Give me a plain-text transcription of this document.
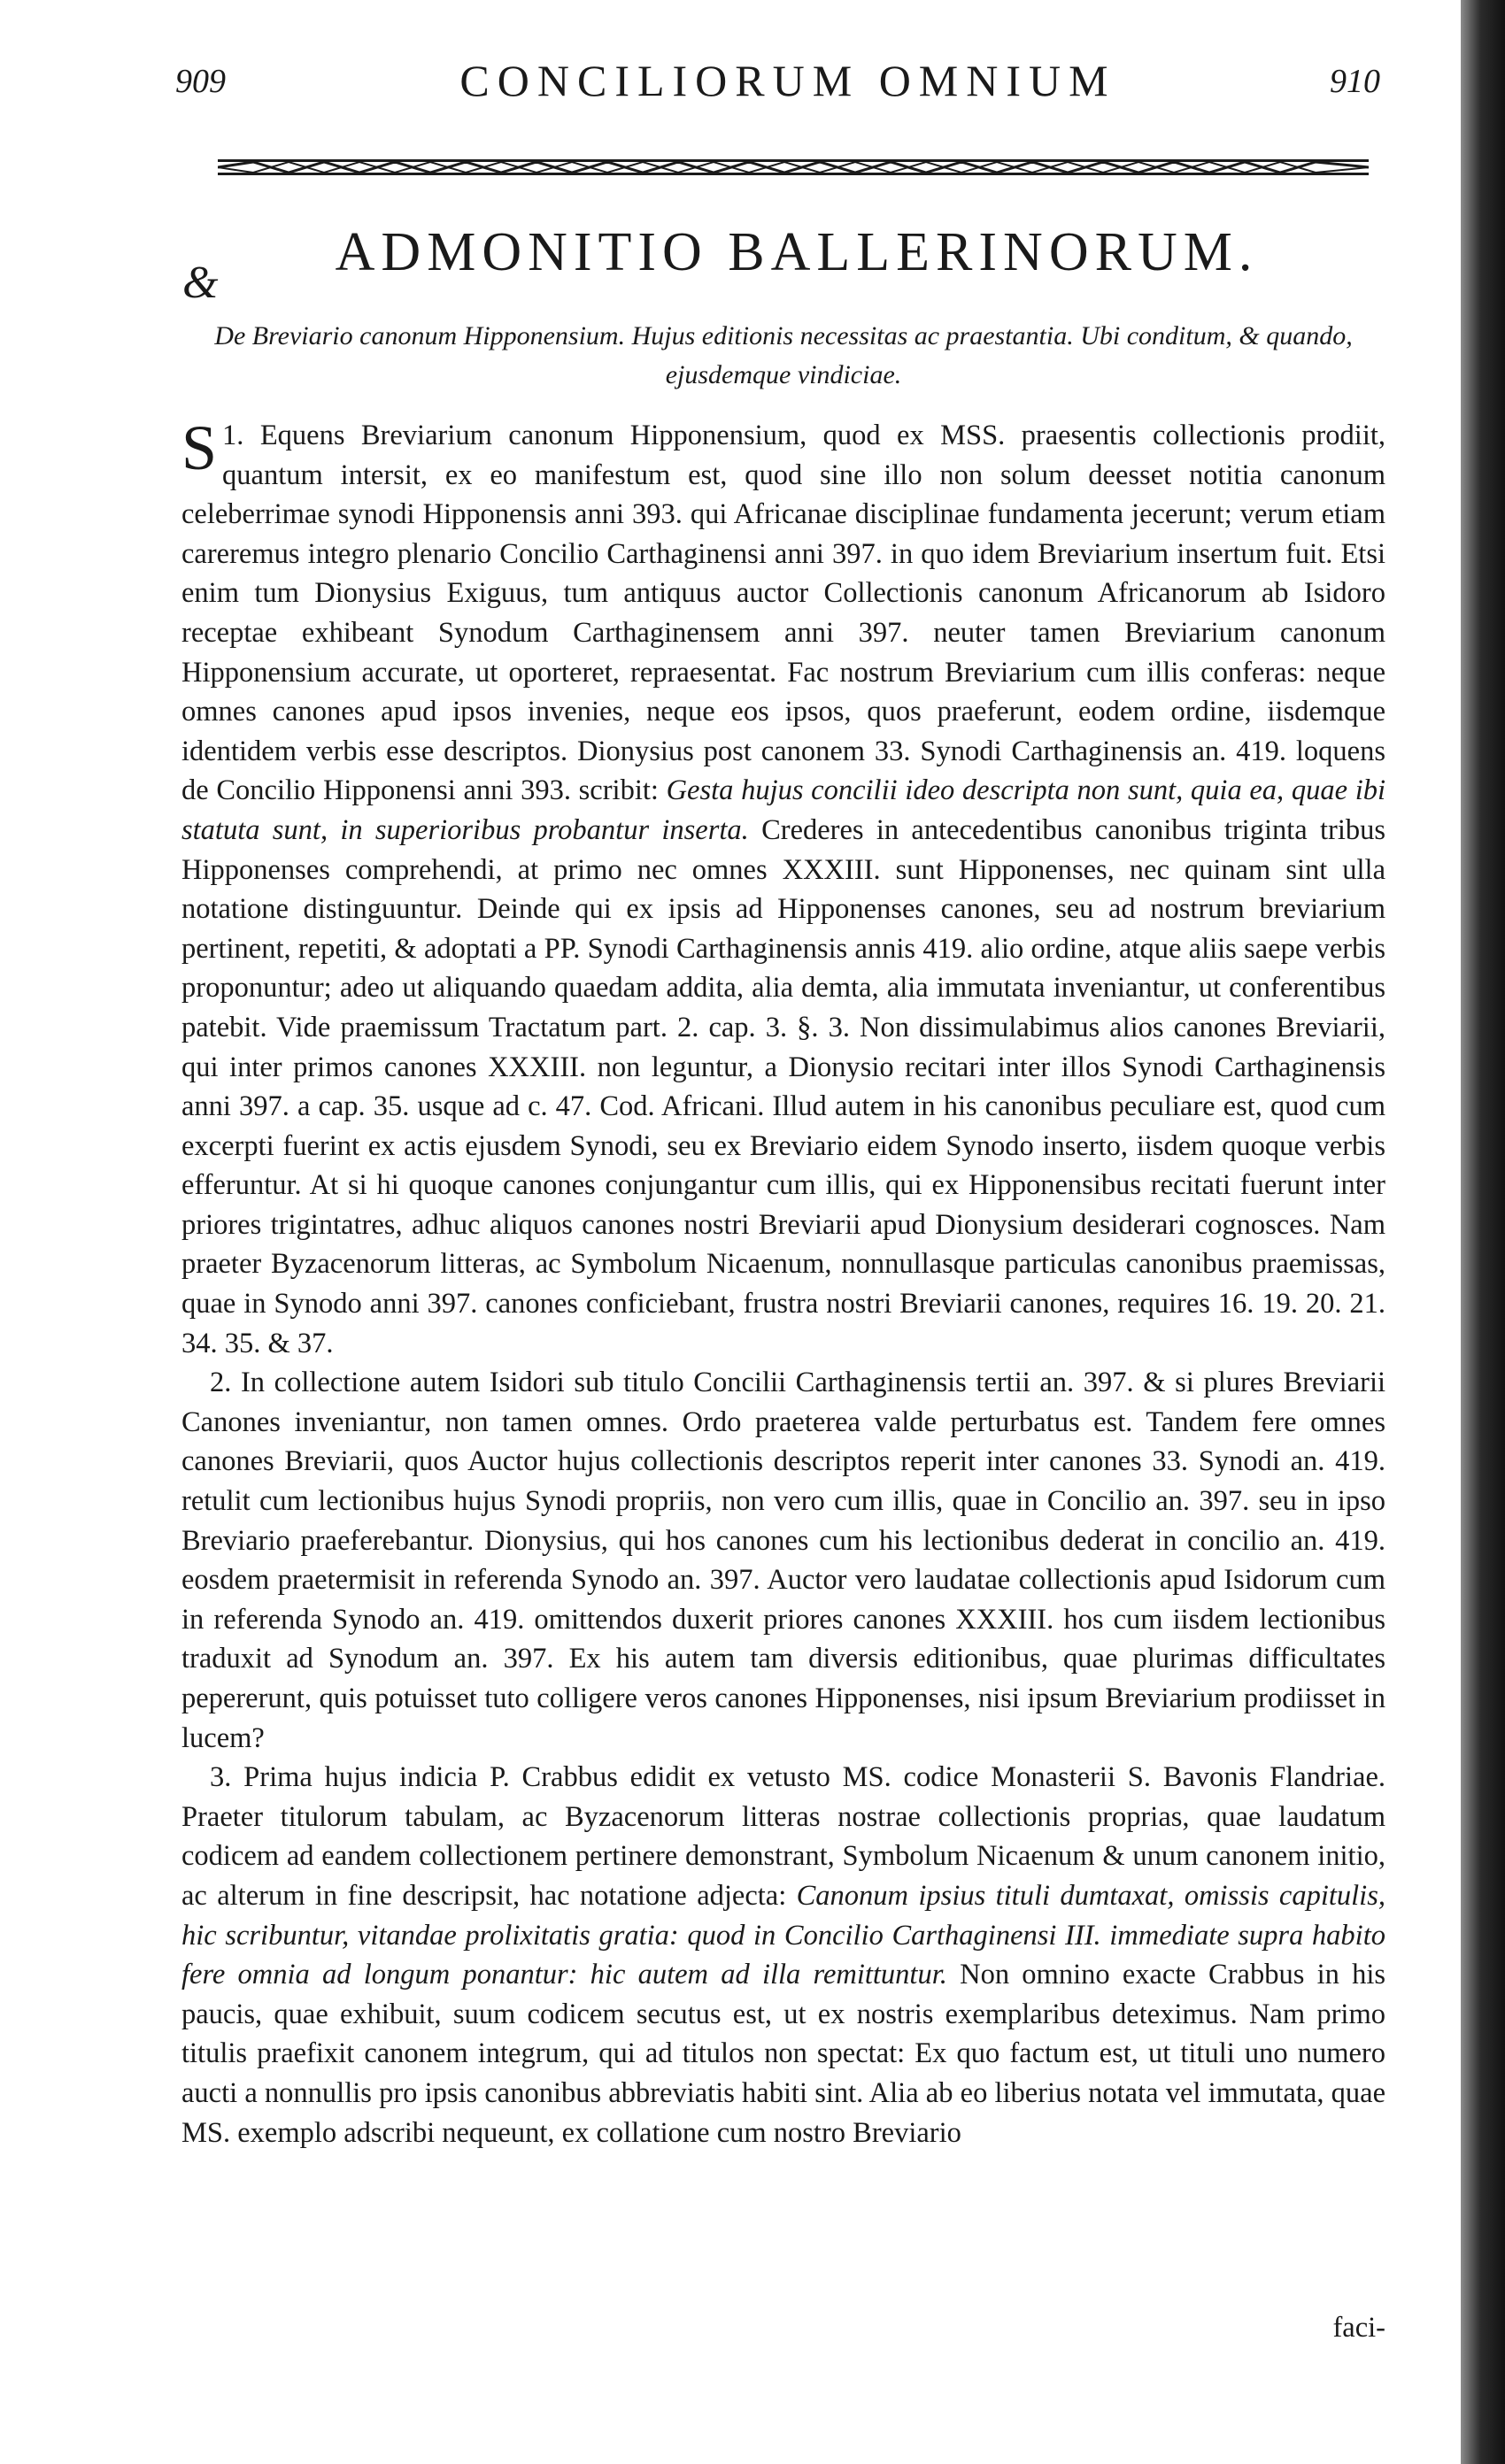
909	CONCILIORUM OMNIUM	910
&
ADMONITIO BALLERINORUM.
De Breviario canonum Hipponensium. Hujus editionis necessitas ac praestantia. Ubi conditum, & quando, ejusdemque vindiciae.

1.
S Equens Breviarium canonum Hipponensium, quod ex MSS. praesentis collectionis prodiit, quantum intersit, ex eo manifestum est, quod sine illo non solum deesset notitia canonum celeberrimae synodi Hipponensis anni 393. qui Africanae disciplinae fundamenta jecerunt; verum etiam careremus integro plenario Concilio Carthaginensi anni 397. in quo idem Breviarium insertum fuit. Etsi enim tum Dionysius Exiguus, tum antiquus auctor Collectionis canonum Africanorum ab Isidoro receptae exhibeant Synodum Carthaginensem anni 397. neuter tamen Breviarium canonum Hipponensium accurate, ut oporteret, repraesentat. Fac nostrum Breviarium cum illis conferas: neque omnes canones apud ipsos invenies, neque eos ipsos, quos praeferunt, eodem ordine, iisdemque identidem verbis esse descriptos. Dionysius post canonem 33. Synodi Carthaginensis an. 419. loquens de Concilio Hipponensi anni 393. scribit: Gesta hujus concilii ideo descripta non sunt, quia ea, quae ibi statuta sunt, in superioribus probantur inserta. Crederes in antecedentibus canonibus triginta tribus Hipponenses comprehendi, at primo nec omnes XXXIII. sunt Hipponenses, nec quinam sint ulla notatione distinguuntur. Deinde qui ex ipsis ad Hipponenses canones, seu ad nostrum breviarium pertinent, repetiti, & adoptati a PP. Synodi Carthaginensis annis 419. alio ordine, atque aliis saepe verbis proponuntur; adeo ut aliquando quaedam addita, alia demta, alia immutata inveniantur, ut conferentibus patebit. Vide praemissum Tractatum part. 2. cap. 3. §. 3. Non dissimulabimus alios canones Breviarii, qui inter primos canones XXXIII. non leguntur, a Dionysio recitari inter illos Synodi Carthaginensis anni 397. a cap. 35. usque ad c. 47. Cod. Africani. Illud autem in his canonibus peculiare est, quod cum excerpti fuerint ex actis ejusdem Synodi, seu ex Breviario eidem Synodo inserto, iisdem quoque verbis efferuntur. At si hi quoque canones conjungantur cum illis, qui ex Hipponensibus recitati fuerunt inter priores trigintatres, adhuc aliquos canones nostri Breviarii apud Dionysium desiderari cognosces. Nam praeter Byzacenorum litteras, ac Symbolum Nicaenum, nonnullasque particulas canonibus praemissas, quae in Synodo anni 397. canones conficiebant, frustra nostri Breviarii canones, requires 16. 19. 20. 21. 34. 35. & 37.

2. In collectione autem Isidori sub titulo Concilii Carthaginensis tertii an. 397. & si plures Breviarii Canones inveniantur, non tamen omnes. Ordo praeterea valde perturbatus est. Tandem fere omnes canones Breviarii, quos Auctor hujus collectionis descriptos reperit inter canones 33. Synodi an. 419. retulit cum lectionibus hujus Synodi propriis, non vero cum illis, quae in Concilio an. 397. seu in ipso Breviario praeferebantur. Dionysius, qui hos canones cum his lectionibus dederat in concilio an. 419. eosdem praetermisit in referenda Synodo an. 397. Auctor vero laudatae collectionis apud Isidorum cum in referenda Synodo an. 419. omittendos duxerit priores canones XXXIII. hos cum iisdem lectionibus traduxit ad Synodum an. 397. Ex his autem tam diversis editionibus, quae plurimas difficultates pepererunt, quis potuisset tuto colligere veros canones Hipponenses, nisi ipsum Breviarium prodiisset in lucem?

3. Prima hujus indicia P. Crabbus edidit ex vetusto MS. codice Monasterii S. Bavonis Flandriae. Praeter titulorum tabulam, ac Byzacenorum litteras nostrae collectionis proprias, quae laudatum codicem ad eandem collectionem pertinere demonstrant, Symbolum Nicaenum & unum canonem initio, ac alterum in fine descripsit, hac notatione adjecta: Canonum ipsius tituli dumtaxat, omissis capitulis, hic scribuntur, vitandae prolixitatis gratia: quod in Concilio Carthaginensi III. immediate supra habito fere omnia ad longum ponantur: hic autem ad illa remittuntur. Non omnino exacte Crabbus in his paucis, quae exhibuit, suum codicem secutus est, ut ex nostris exemplaribus deteximus. Nam primo titulis praefixit canonem integrum, qui ad titulos non spectat: Ex quo factum est, ut tituli uno numero aucti a nonnullis pro ipsis canonibus abbreviatis habiti sint. Alia ab eo liberius notata vel immutata, quae MS. exemplo adscribi nequeunt, ex collatione cum nostro Breviario

faci-
